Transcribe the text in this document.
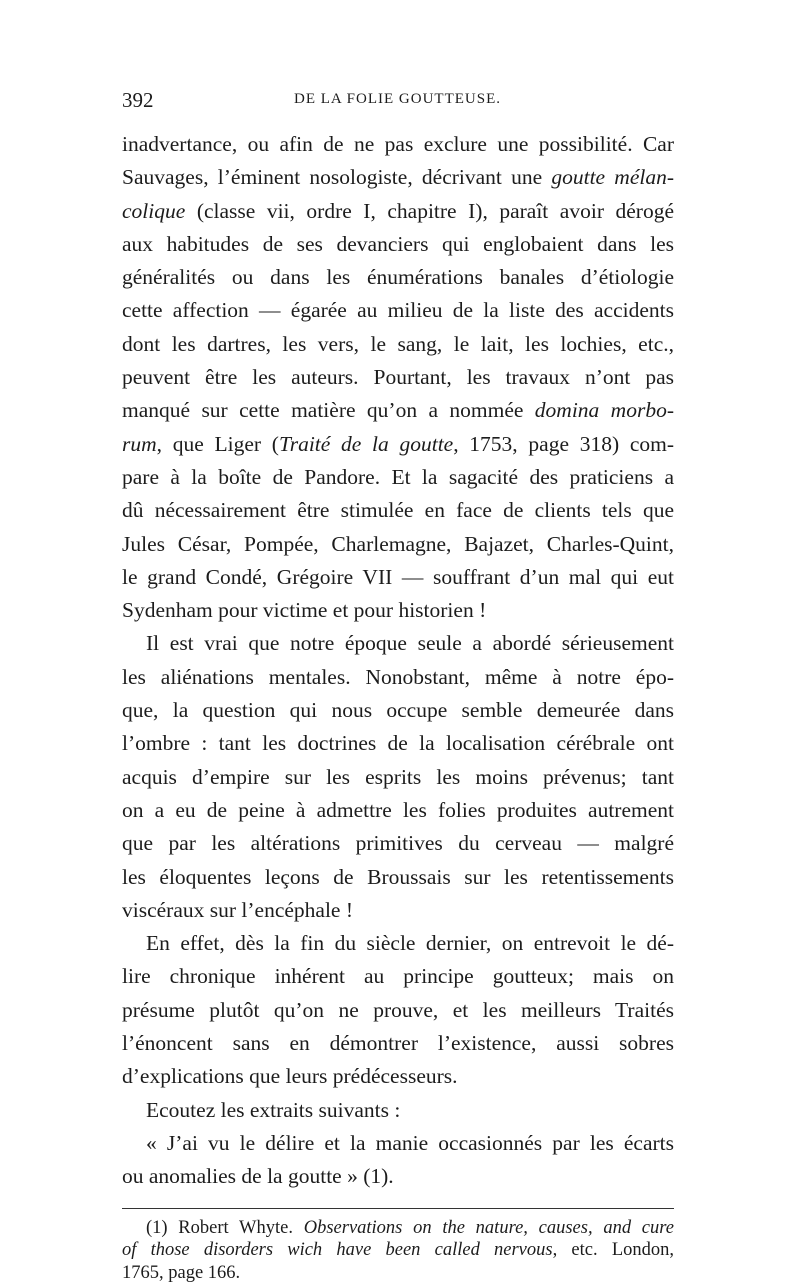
392	DE LA FOLIE GOUTTEUSE.
inadvertance, ou afin de ne pas exclure une possibilité. Car
Sauvages, l’éminent nosologiste, décrivant une goutte mélan-
colique (classe vii, ordre I, chapitre I), paraît avoir dérogé
aux habitudes de ses devanciers qui englobaient dans les
généralités ou dans les énumérations banales d’étiologie
cette affection — égarée au milieu de la liste des accidents
dont les dartres, les vers, le sang, le lait, les lochies, etc.,
peuvent être les auteurs. Pourtant, les travaux n’ont pas
manqué sur cette matière qu’on a nommée domina morbo-
rum, que Liger (Traité de la goutte, 1753, page 318) com-
pare à la boîte de Pandore. Et la sagacité des praticiens a
dû nécessairement être stimulée en face de clients tels que
Jules César, Pompée, Charlemagne, Bajazet, Charles-Quint,
le grand Condé, Grégoire VII — souffrant d’un mal qui eut
Sydenham pour victime et pour historien !
Il est vrai que notre époque seule a abordé sérieusement
les aliénations mentales. Nonobstant, même à notre épo-
que, la question qui nous occupe semble demeurée dans
l’ombre : tant les doctrines de la localisation cérébrale ont
acquis d’empire sur les esprits les moins prévenus; tant
on a eu de peine à admettre les folies produites autrement
que par les altérations primitives du cerveau — malgré
les éloquentes leçons de Broussais sur les retentissements
viscéraux sur l’encéphale !
En effet, dès la fin du siècle dernier, on entrevoit le dé-
lire chronique inhérent au principe goutteux; mais on
présume plutôt qu’on ne prouve, et les meilleurs Traités
l’énoncent sans en démontrer l’existence, aussi sobres
d’explications que leurs prédécesseurs.
Ecoutez les extraits suivants :
« J’ai vu le délire et la manie occasionnés par les écarts
ou anomalies de la goutte » (1).
(1) Robert Whyte. Observations on the nature, causes, and cure
of those disorders wich have been called nervous, etc. London,
1765, page 166.
